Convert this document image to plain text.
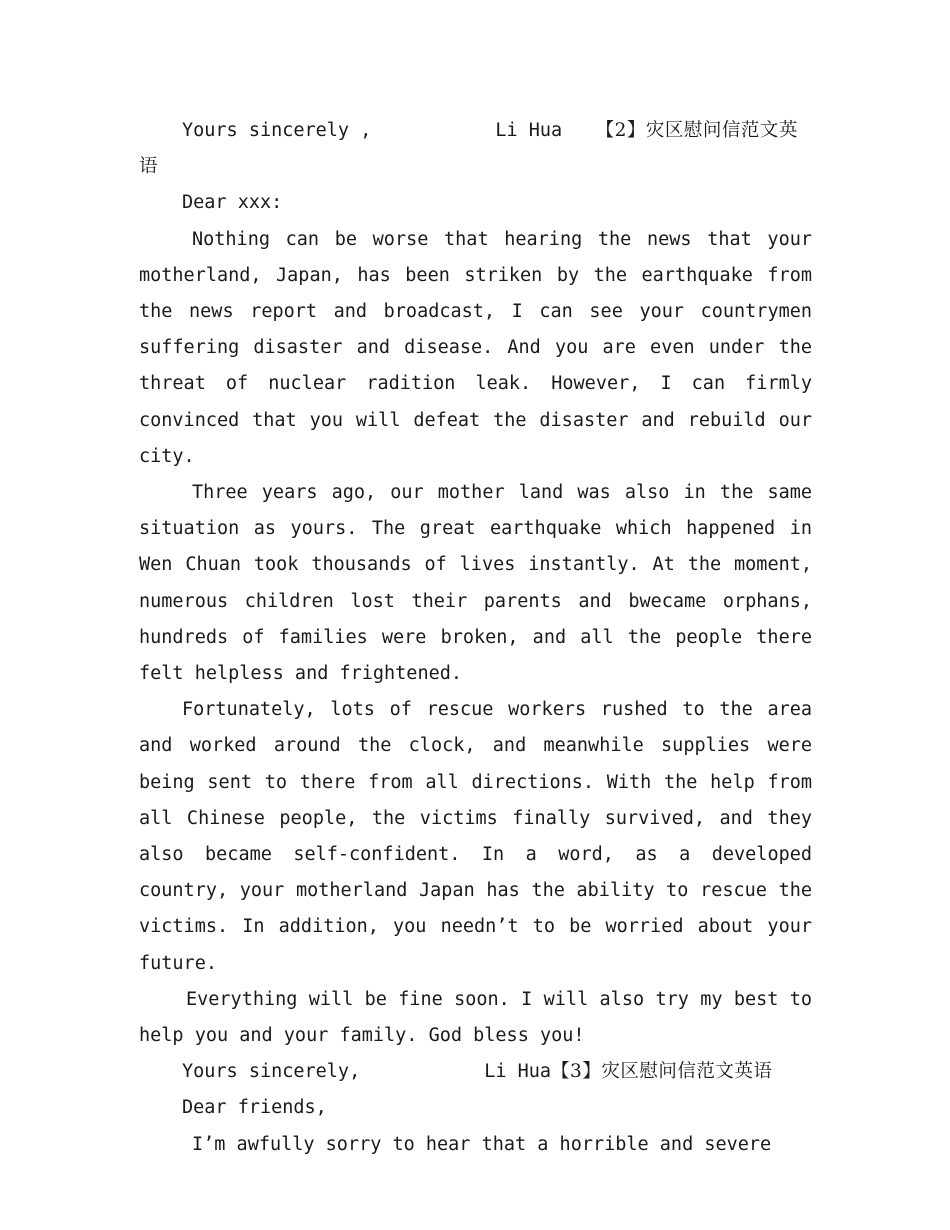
Yours sincerely ,	Li Hua 【2】灾区慰问信范文英语

Dear xxx:

Nothing can be worse that hearing the news that your motherland, Japan, has been striken by the earthquake from the news report and broadcast, I can see your countrymen suffering disaster and disease. And you are even under the threat of nuclear radition leak. However, I can firmly convinced that you will defeat the disaster and rebuild our city.

Three years ago, our mother land was also in the same situation as yours. The great earthquake which happened in Wen Chuan took thousands of lives instantly. At the moment, numerous children lost their parents and bwecame orphans, hundreds of families were broken, and all the people there felt helpless and frightened.

Fortunately, lots of rescue workers rushed to the area and worked around the clock, and meanwhile supplies were being sent to there from all directions. With the help from all Chinese people, the victims finally survived, and they also became self-confident. In a word, as a developed country, your motherland Japan has the ability to rescue the victims. In addition, you needn’t to be worried about your future.

Everything will be fine soon. I will also try my best to help you and your family. God bless you!

Yours sincerely,	Li Hua【3】灾区慰问信范文英语

Dear friends,

I’m awfully sorry to hear that a horrible and severe
